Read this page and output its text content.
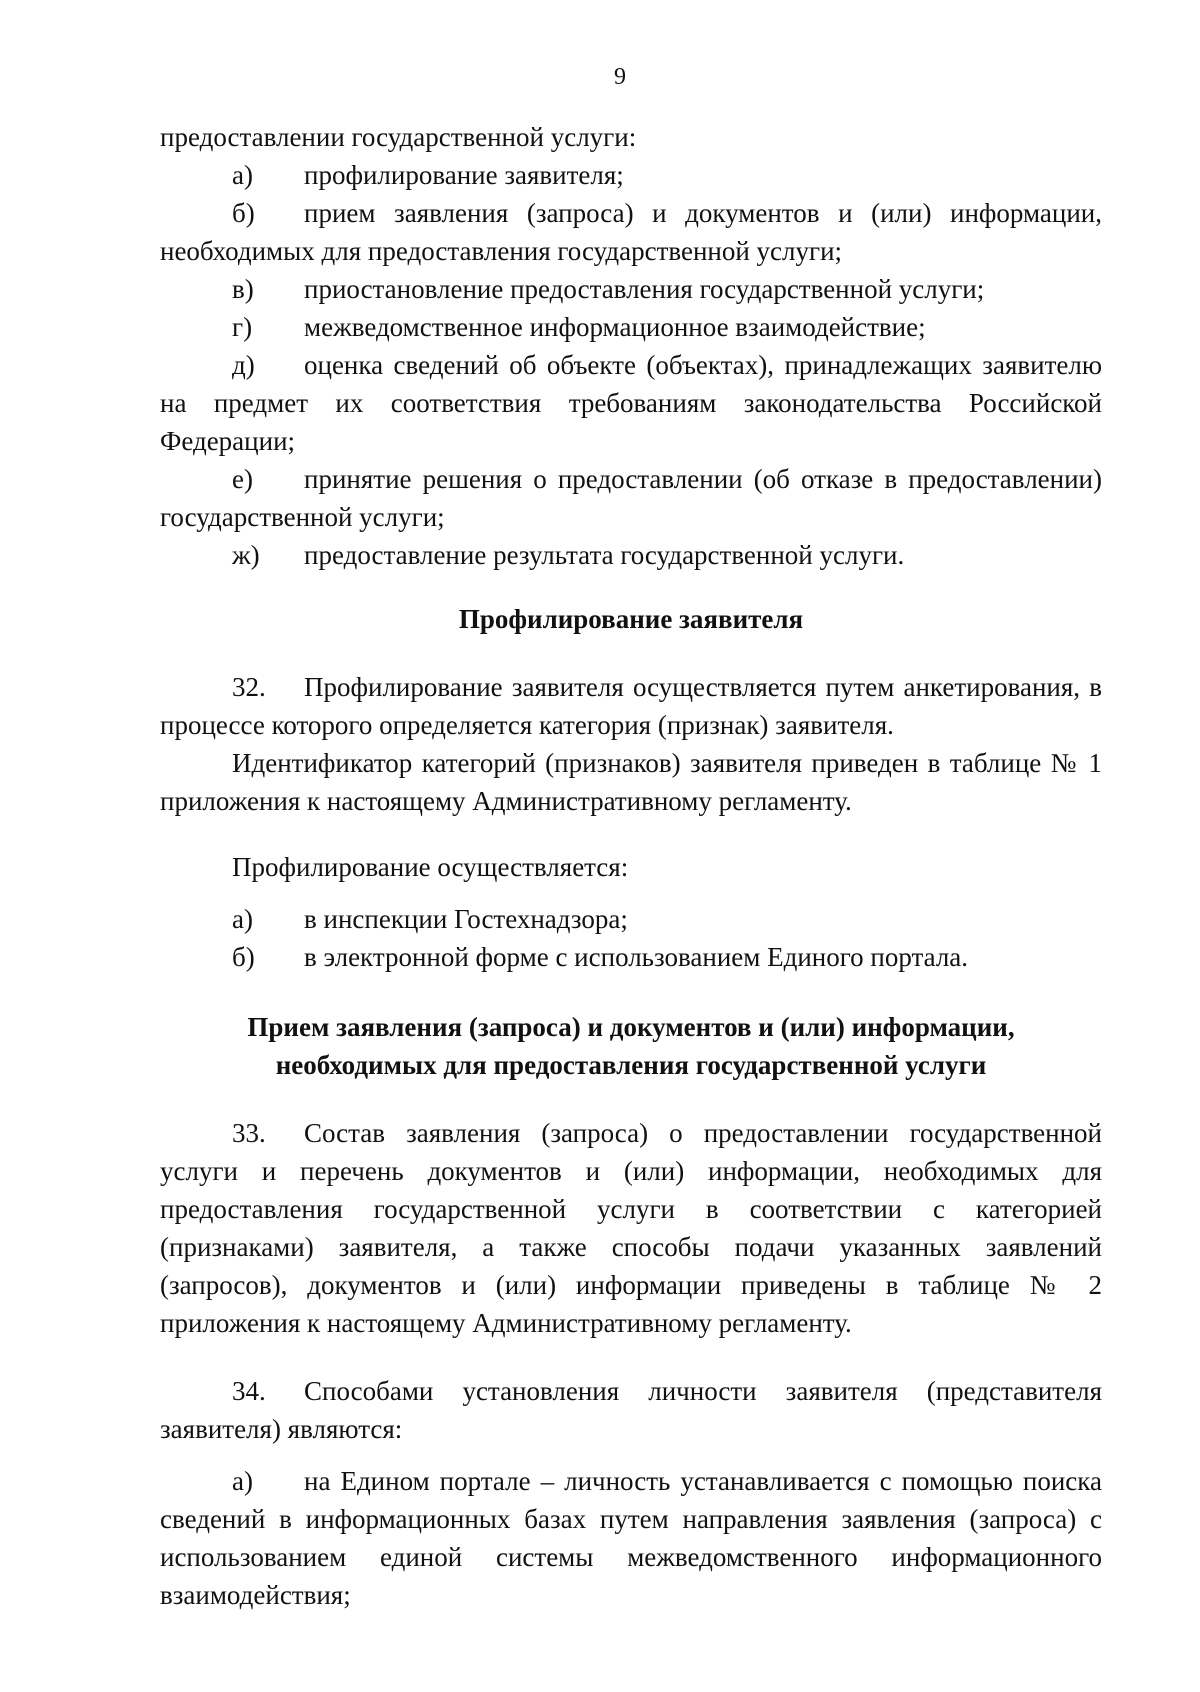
9

предоставлении государственной услуги:

а)	профилирование заявителя;

б) прием заявления (запроса) и документов и (или) информации, необходимых для предоставления государственной услуги;

в)	приостановление предоставления государственной услуги;
г)	межведомственное информационное взаимодействие;

д) оценка сведений об объекте (объектах), принадлежащих заявителю на предмет их соответствия требованиям законодательства Российской Федерации;

е) принятие решения о предоставлении (об отказе в предоставлении) государственной услуги;

ж)	предоставление результата государственной услуги.

Профилирование заявителя

32. Профилирование заявителя осуществляется путем анкетирования, в процессе которого определяется категория (признак) заявителя.

Идентификатор категорий (признаков) заявителя приведен в таблице № 1 приложения к настоящему Административному регламенту.

Профилирование осуществляется:

а)	в инспекции Гостехнадзора;
б)	в электронной форме с использованием Единого портала.

Прием заявления (запроса) и документов и (или) информации,

необходимых для предоставления государственной услуги

33. Состав заявления (запроса) о предоставлении государственной услуги и перечень документов и (или) информации, необходимых для предоставления государственной услуги в соответствии с категорией (признаками) заявителя, а также способы подачи указанных заявлений (запросов), документов и (или) информации приведены в таблице № 2 приложения к настоящему Административному регламенту.

34. Способами установления личности заявителя (представителя заявителя) являются:

а) на Едином портале – личность устанавливается с помощью поиска сведений в информационных базах путем направления заявления (запроса) с использованием единой системы межведомственного информационного взаимодействия;
